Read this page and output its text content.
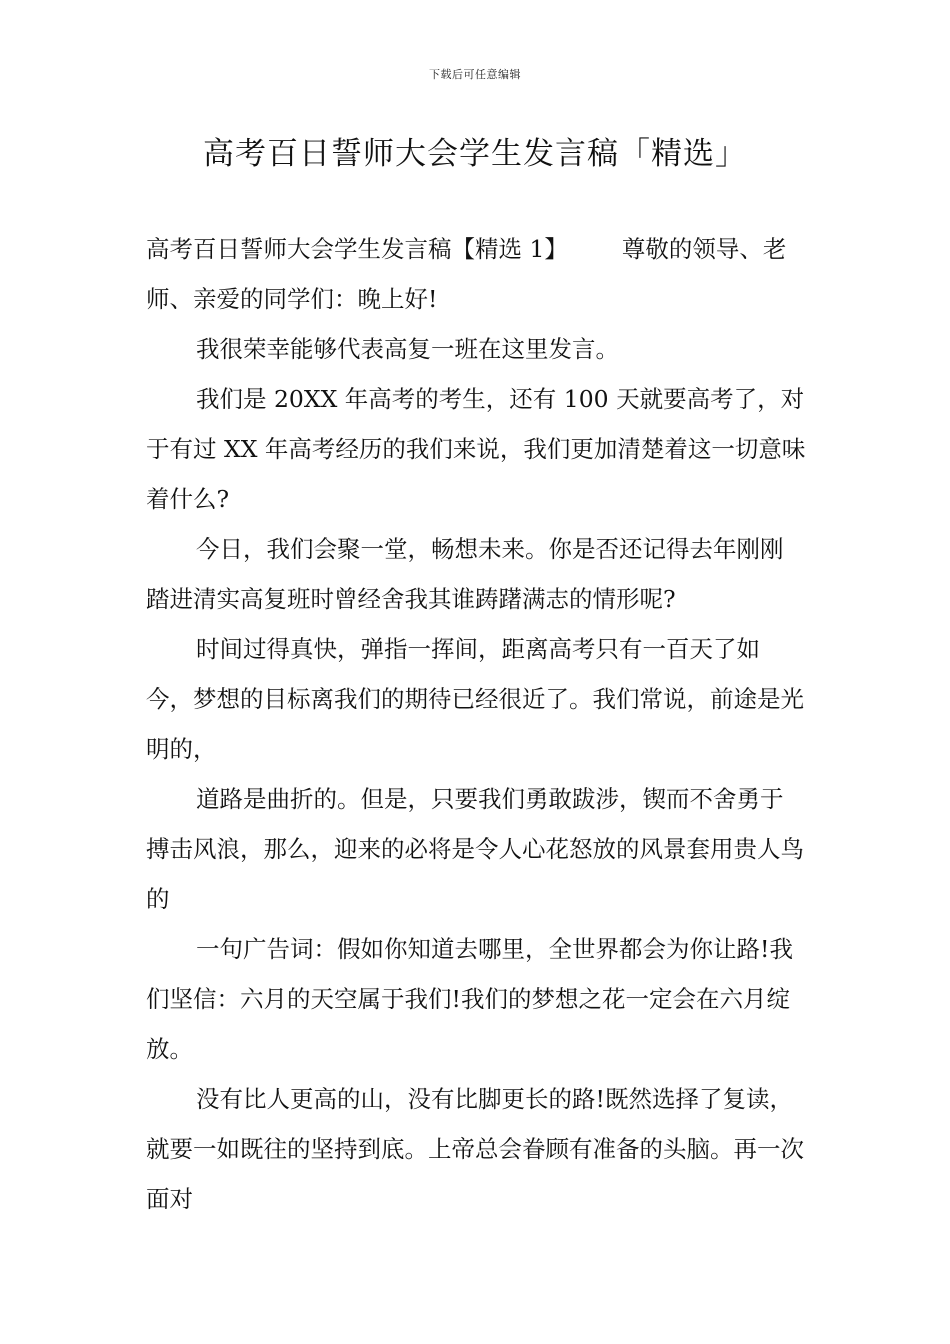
下载后可任意编辑
高考百日誓师大会学生发言稿「精选」

高考百日誓师大会学生发言稿【精选 1】 尊敬的领导、老师、亲爱的同学们：晚上好!

我很荣幸能够代表高复一班在这里发言。

我们是 20XX 年高考的考生，还有 100 天就要高考了，对于有过 XX 年高考经历的我们来说，我们更加清楚着这一切意味着什么?

今日，我们会聚一堂，畅想未来。你是否还记得去年刚刚踏进清实高复班时曾经舍我其谁踌躇满志的情形呢?

时间过得真快，弹指一挥间，距离高考只有一百天了如今，梦想的目标离我们的期待已经很近了。我们常说，前途是光明的，

道路是曲折的。但是，只要我们勇敢跋涉，锲而不舍勇于搏击风浪，那么，迎来的必将是令人心花怒放的风景套用贵人鸟的

一句广告词：假如你知道去哪里，全世界都会为你让路!我们坚信：六月的天空属于我们!我们的梦想之花一定会在六月绽放。

没有比人更高的山，没有比脚更长的路!既然选择了复读，就要一如既往的坚持到底。上帝总会眷顾有准备的头脑。再一次面对
